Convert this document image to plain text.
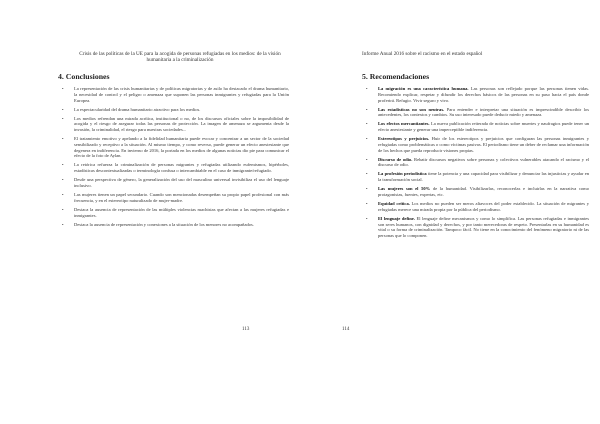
Crisis de las políticas de la UE para la acogida de personas refugiadas en los medios: de la visión humanitaria a la criminalización
4. Conclusiones
• La representación de las crisis humanitarias y de políticas migratorias y de asilo ha destacado el drama humanitario, la necesidad de control y el peligro o amenaza que suponen las personas inmigrantes y refugiadas para la Unión Europea.
• La espectacularidad del drama humanitario atractivo para los medios.
• Los medios refrendan una mirada acrítica, institucional o no, de los discursos oficiales sobre la imposibilidad de acogida y el riesgo de asegurar todas las personas de protección. La imagen de amenaza se argumenta desde la invasión, la criminalidad, el riesgo para nuestras sociedades...
• El tratamiento emotivo y apelando a la fidelidad humanitaria puede evocar y concentrar a un sector de la sociedad sensibilizado y receptivo a la situación. Al mismo tiempo, y como reverso, puede generar un efecto anestesiante que degenera en indiferencia. En invierno de 2016, la portada en los medios de algunas noticias dio pie para comunicar el efecto de la foto de Aylan.
• La retórica refuerza la criminalización de personas migrantes y refugiadas utilizando eufemismos, hipérboles, estadísticas descontextualizadas o terminología confusa o intercambiable en el caso de inmigrante/refugiado.
• Desde una perspectiva de género, la generalización del uso del masculino universal invisibiliza el uso del lenguaje inclusivo.
• Las mujeres tienen un papel secundario. Cuando son mencionadas desempeñan su propio papel profesional con más frecuencia, y en el estereotipo naturalizado de mujer-madre.
• Destaca la ausencia de representación de las múltiples violencias machistas que afectan a las mujeres refugiadas e inmigrantes.
• Destaca la ausencia de representación y conexiones a la situación de los menores no acompañados.
113
Informe Anual 2016 sobre el racismo en el estado español
5. Recomendaciones
• La migración es una característica humana. Las personas son reflejado porque las personas tienen vidas. Recomiendo explicar, respetar y difundir los derechos básicos de las personas en su paso hacia el país donde proferirá. Refugio. Vivir seguro y vivo.
• Las estadísticas no son neutras. Para entender e interpretar una situación es imprescindible describir los antecedentes, los contextos y cambios. Su uso interesado puede deducir miedo y amenaza.
• Los efectos mercantiantes. La nueva publicación reiterada de noticias sobre muertes y naufragios puede tener un efecto anestesiante y generar una imperceptible indiferencia.
• Estereotipos y prejuicios. Huir de los estereotipos y prejuicios que configuran las personas inmigrantes y refugiadas como problemáticas o como víctimas pasivas. El periodismo tiene un deber de reclamar una información de los hechos que pueda reproducir visiones propias.
• Discurso de odio. Rebatir discursos negativos sobre personas y colectivos vulnerables atacando el racismo y el discurso de odio.
• La profesión periodística tiene la potencia y una capacidad para visibilizar y denunciar las injusticias y ayudar en la transformación social.
• Las mujeres son el 50% de la humanidad. Visibilizarlas, reconocerlas e incluirlas en la narrativa como protagonistas, fuentes, expertas, etc.
• Equidad crítica. Los medios no pueden ser meros altavoces del poder establecido. La situación de migrantes y refugiadas merece una mirada propia por la pública del periodismo.
• El lenguaje define. El lenguaje define mecanismos y como lo simplifica. Las personas refugiadas e inmigrantes son seres humanos, con dignidad y derechos, y por tanto merecedoras de respeto. Presentarlas en su humanidad es vital o su forma de criminalización. Tampoco fácil. No tiene en la conocimiento del fenómeno migratorio ni de las personas que lo componen.
114
